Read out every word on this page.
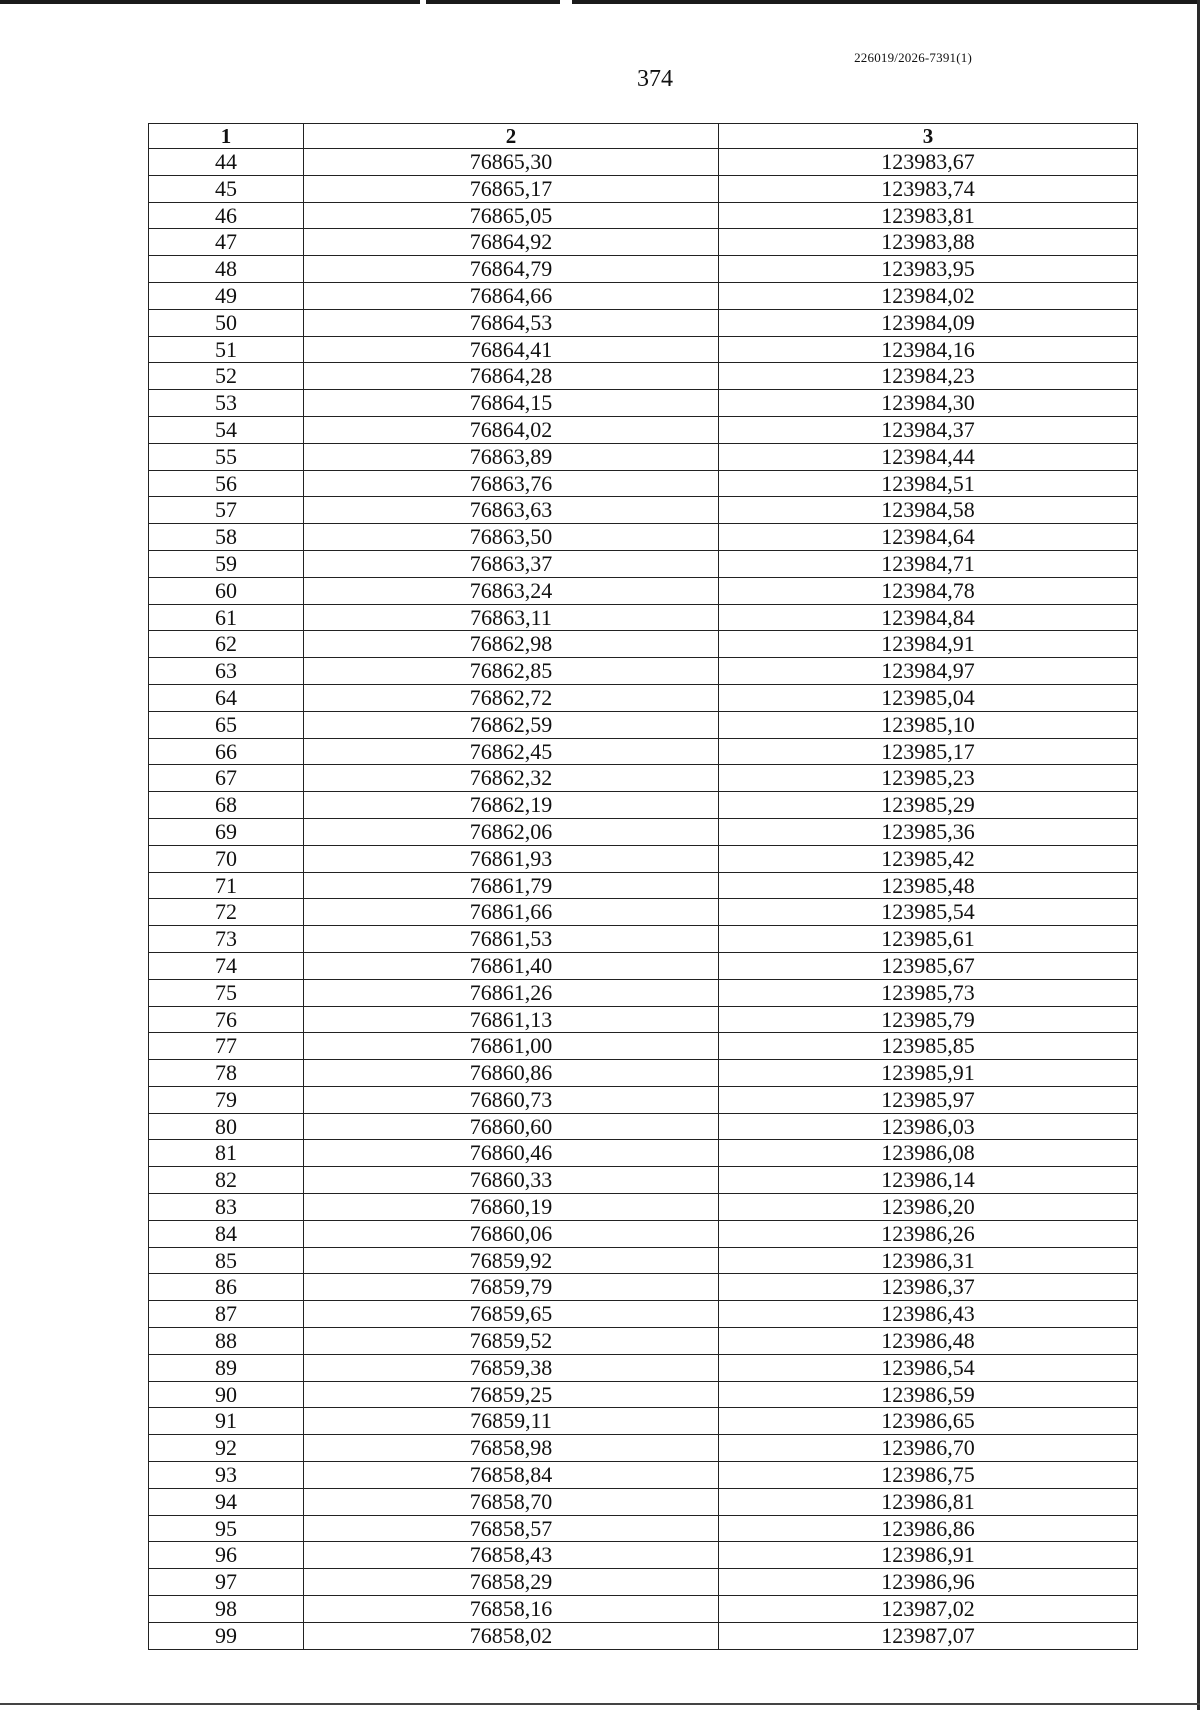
226019/2026-7391(1)
374
1	2	3
44	76865,30	123983,67
45	76865,17	123983,74
46	76865,05	123983,81
47	76864,92	123983,88
48	76864,79	123983,95
49	76864,66	123984,02
50	76864,53	123984,09
51	76864,41	123984,16
52	76864,28	123984,23
53	76864,15	123984,30
54	76864,02	123984,37
55	76863,89	123984,44
56	76863,76	123984,51
57	76863,63	123984,58
58	76863,50	123984,64
59	76863,37	123984,71
60	76863,24	123984,78
61	76863,11	123984,84
62	76862,98	123984,91
63	76862,85	123984,97
64	76862,72	123985,04
65	76862,59	123985,10
66	76862,45	123985,17
67	76862,32	123985,23
68	76862,19	123985,29
69	76862,06	123985,36
70	76861,93	123985,42
71	76861,79	123985,48
72	76861,66	123985,54
73	76861,53	123985,61
74	76861,40	123985,67
75	76861,26	123985,73
76	76861,13	123985,79
77	76861,00	123985,85
78	76860,86	123985,91
79	76860,73	123985,97
80	76860,60	123986,03
81	76860,46	123986,08
82	76860,33	123986,14
83	76860,19	123986,20
84	76860,06	123986,26
85	76859,92	123986,31
86	76859,79	123986,37
87	76859,65	123986,43
88	76859,52	123986,48
89	76859,38	123986,54
90	76859,25	123986,59
91	76859,11	123986,65
92	76858,98	123986,70
93	76858,84	123986,75
94	76858,70	123986,81
95	76858,57	123986,86
96	76858,43	123986,91
97	76858,29	123986,96
98	76858,16	123987,02
99	76858,02	123987,07
